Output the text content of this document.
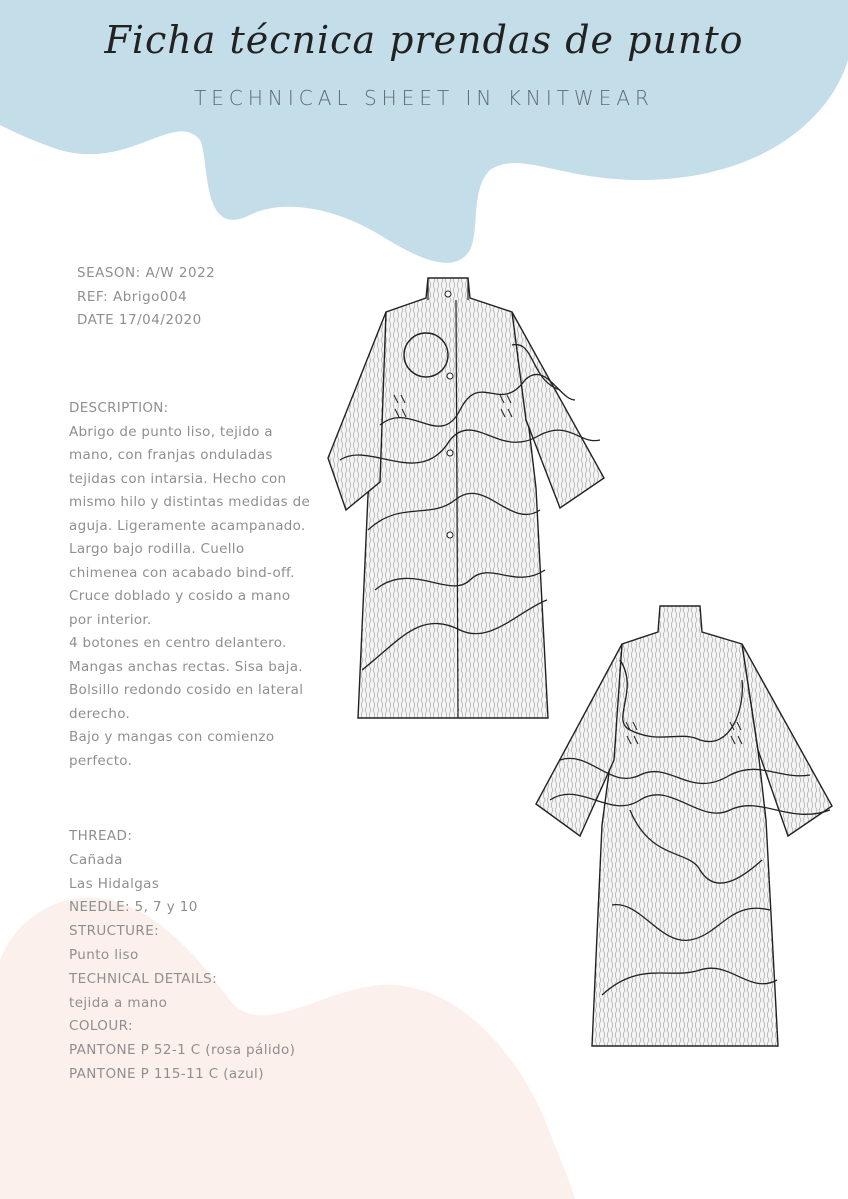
Ficha técnica prendas de punto
TECHNICAL SHEET IN KNITWEAR
SEASON: A/W 2022
REF: Abrigo004
DATE 17/04/2020
DESCRIPTION:
Abrigo de punto liso, tejido a
mano, con franjas onduladas
tejidas con intarsia. Hecho con
mismo hilo y distintas medidas de
aguja. Ligeramente acampanado.
Largo bajo rodilla. Cuello
chimenea con acabado bind-off.
Cruce doblado y cosido a mano
por interior.
4 botones en centro delantero.
Mangas anchas rectas. Sisa baja.
Bolsillo redondo cosido en lateral
derecho.
Bajo y mangas con comienzo
perfecto.
THREAD:
Cañada
Las Hidalgas
NEEDLE: 5, 7 y 10
STRUCTURE:
Punto liso
TECHNICAL DETAILS:
tejida a mano
COLOUR:
PANTONE P 52-1 C (rosa pálido)
PANTONE P 115-11 C (azul)
